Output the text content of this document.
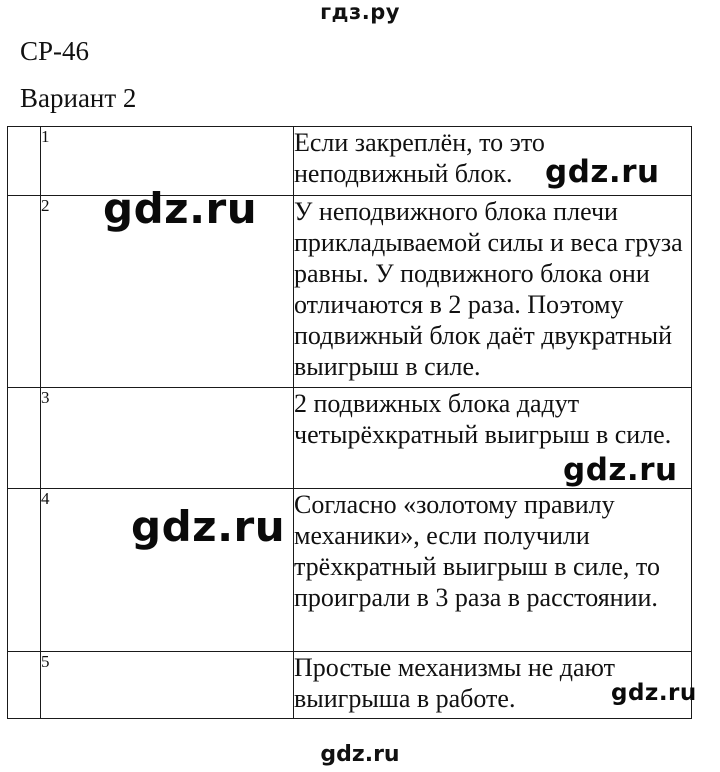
гдз.ру
СР-46
Вариант 2
	1	Если закреплён, то это неподвижный блок.
	2	У неподвижного блока плечи прикладываемой силы и веса груза равны. У подвижного блока они отличаются в 2 раза. Поэтому подвижный блок даёт двукратный выигрыш в силе.
	3	2 подвижных блока дадут четырёхкратный выигрыш в силе.
	4	Согласно «золотому правилу механики», если получили трёхкратный выигрыш в силе, то проиграли в 3 раза в расстоянии.
	5	Простые механизмы не дают выигрыша в работе.
gdz.ru
gdz.ru
gdz.ru
gdz.ru
gdz.ru
gdz.ru
